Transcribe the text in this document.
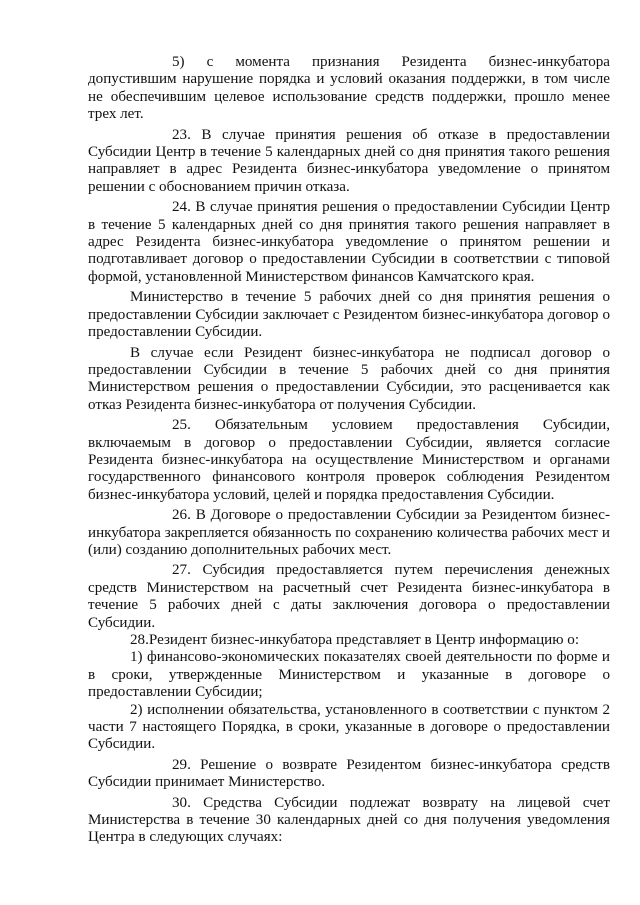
5) с момента признания Резидента бизнес-инкубатора допустившим нарушение порядка и условий оказания поддержки, в том числе не обеспечившим целевое использование средств поддержки, прошло менее трех лет.

23. В случае принятия решения об отказе в предоставлении Субсидии Центр в течение 5 календарных дней со дня принятия такого решения направляет в адрес Резидента бизнес-инкубатора уведомление о принятом решении с обоснованием причин отказа.

24. В случае принятия решения о предоставлении Субсидии Центр в течение 5 календарных дней со дня принятия такого решения направляет в адрес Резидента бизнес-инкубатора уведомление о принятом решении и подготавливает договор о предоставлении Субсидии в соответствии с типовой формой, установленной Министерством финансов Камчатского края.

Министерство в течение 5 рабочих дней со дня принятия решения о предоставлении Субсидии заключает с Резидентом бизнес-инкубатора договор о предоставлении Субсидии.

В случае если Резидент бизнес-инкубатора не подписал договор о предоставлении Субсидии в течение 5 рабочих дней со дня принятия Министерством решения о предоставлении Субсидии, это расценивается как отказ Резидента бизнес-инкубатора от получения Субсидии.

25. Обязательным условием предоставления Субсидии, включаемым в договор о предоставлении Субсидии, является согласие Резидента бизнес-инкубатора на осуществление Министерством и органами государственного финансового контроля проверок соблюдения Резидентом бизнес-инкубатора условий, целей и порядка предоставления Субсидии.

26. В Договоре о предоставлении Субсидии за Резидентом бизнес-инкубатора закрепляется обязанность по сохранению количества рабочих мест и (или) созданию дополнительных рабочих мест.

27. Субсидия предоставляется путем перечисления денежных средств Министерством на расчетный счет Резидента бизнес-инкубатора в течение 5 рабочих дней с даты заключения договора о предоставлении Субсидии.

28.Резидент бизнес-инкубатора представляет в Центр информацию о:

1) финансово-экономических показателях своей деятельности по форме и в сроки, утвержденные Министерством и указанные в договоре о предоставлении Субсидии;

2) исполнении обязательства, установленного в соответствии с пунктом 2 части 7 настоящего Порядка, в сроки, указанные в договоре о предоставлении Субсидии.

29. Решение о возврате Резидентом бизнес-инкубатора средств Субсидии принимает Министерство.

30. Средства Субсидии подлежат возврату на лицевой счет Министерства в течение 30 календарных дней со дня получения уведомления Центра в следующих случаях:
